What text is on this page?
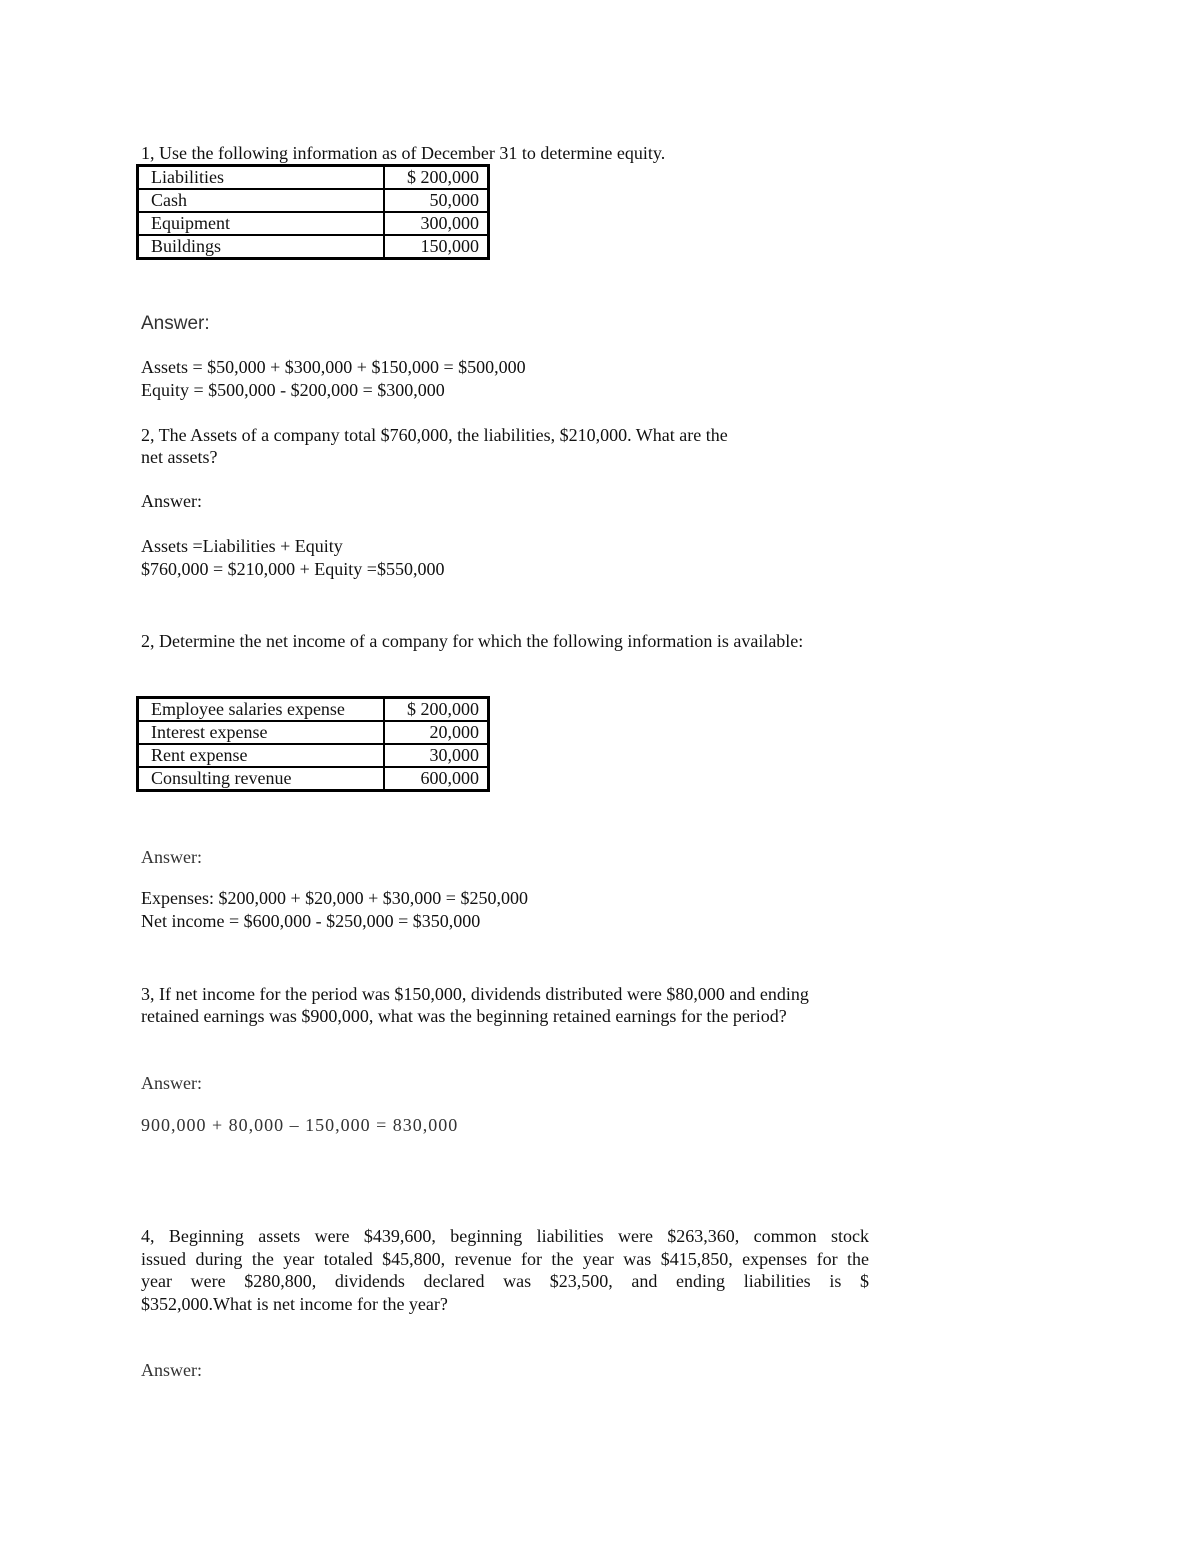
1, Use the following information as of December 31 to determine equity.
Liabilities	$ 200,000
Cash	50,000
Equipment	300,000
Buildings	150,000
Answer:
Assets = $50,000 + $300,000 + $150,000 = $500,000
Equity = $500,000 - $200,000 = $300,000
2, The Assets of a company total $760,000, the liabilities, $210,000. What are the
net assets?
Answer:
Assets =Liabilities + Equity
$760,000 = $210,000 + Equity =$550,000
2, Determine the net income of a company for which the following information is available:
Employee salaries expense	$ 200,000
Interest expense	20,000
Rent expense	30,000
Consulting revenue	600,000
Answer:
Expenses: $200,000 + $20,000 + $30,000 = $250,000
Net income = $600,000 - $250,000 = $350,000
3, If net income for the period was $150,000, dividends distributed were $80,000 and ending
retained earnings was $900,000, what was the beginning retained earnings for the period?
Answer:
900,000 + 80,000 – 150,000 = 830,000
4, Beginning assets were $439,600, beginning liabilities were $263,360, common stock
issued during the year totaled $45,800, revenue for the year was $415,850, expenses for the
year were $280,800, dividends declared was $23,500, and ending liabilities is $
$352,000.What is net income for the year?
Answer:
